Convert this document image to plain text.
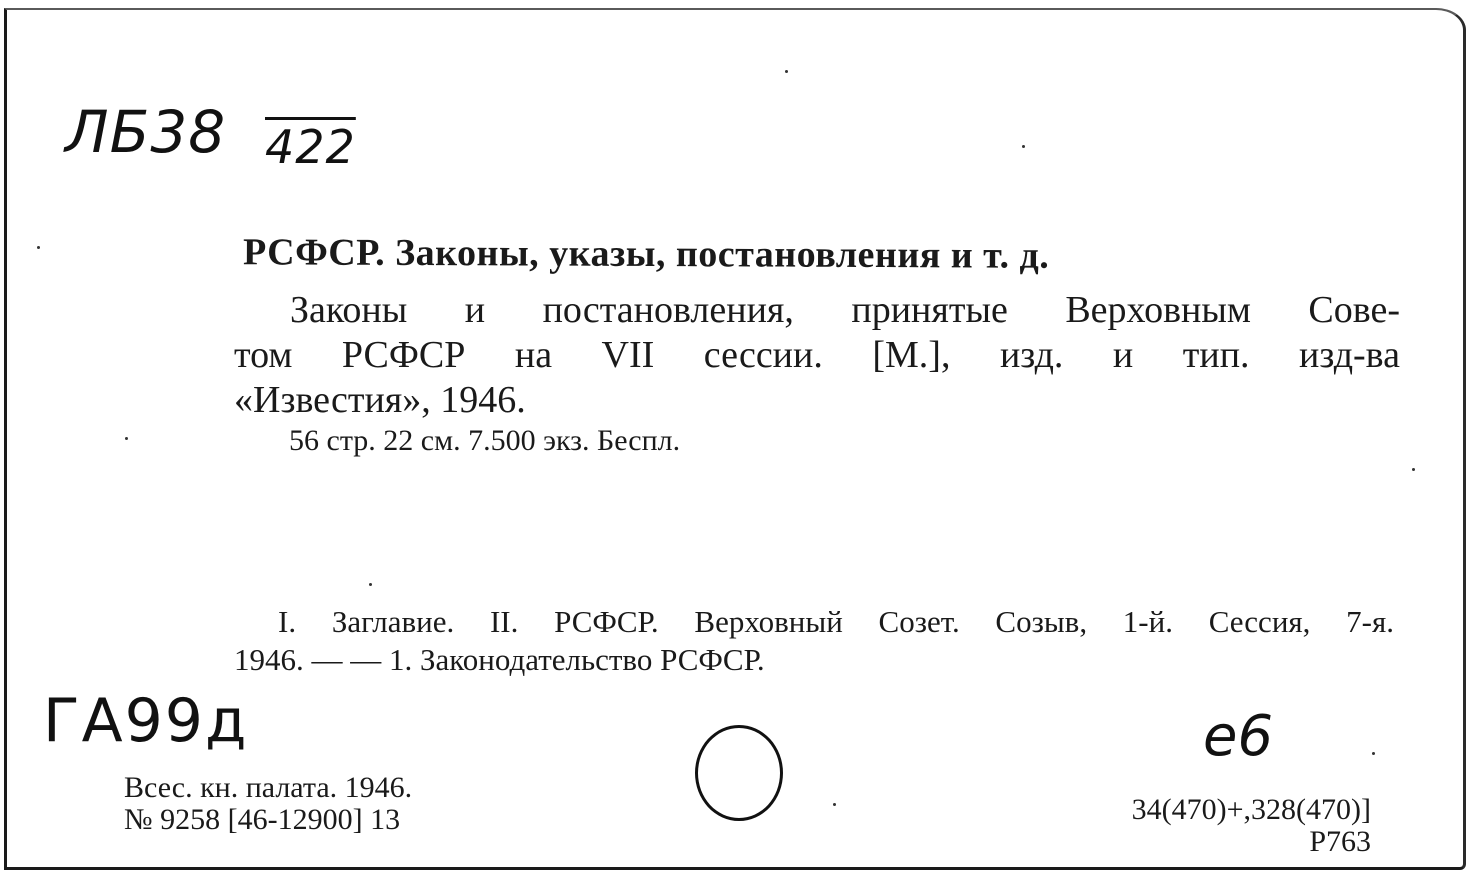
ЛБ38 422
РСФСР. Законы, указы, постановления и т. д.
Законы и постановления, принятые Верховным Сове-
том РСФСР на VII сессии. [М.], изд. и тип. изд-ва
«Известия», 1946.
56 стр. 22 см. 7.500 экз. Беспл.
I. Заглавие. II. РСФСР. Верховный Созет. Созыв, 1-й. Сессия, 7-я.
1946. — — 1. Законодательство РСФСР.
ГА99д	e6
Всес. кн. палата. 1946.
№ 9258 [46-12900] 13	34(470)+,328(470)]
Р763
